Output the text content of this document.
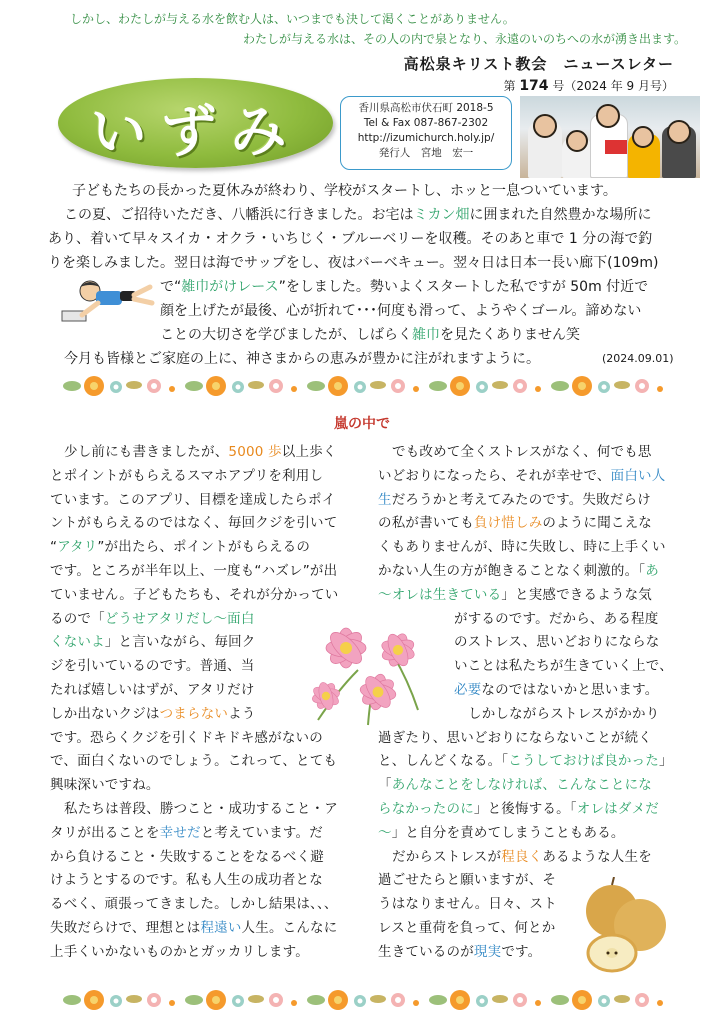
しかし、わたしが与える水を飲む人は、いつまでも決して渇くことがありません。
わたしが与える水は、その人の内で泉となり、永遠のいのちへの水が湧き出ます。
いずみ
高松泉キリスト教会　ニュースレター
第 174 号（2024 年 9 月号）
香川県高松市伏石町 2018-5
Tel & Fax 087-867-2302
http://izumichurch.holy.jp/
発行人　宮地　宏一
子どもたちの長かった夏休みが終わり、学校がスタートし、ホッと一息ついています。
この夏、ご招待いただき、八幡浜に行きました。お宅はミカン畑に囲まれた自然豊かな場所に
あり、着いて早々スイカ・オクラ・いちじく・ブルーベリーを収穫。そのあと車で 1 分の海で釣
りを楽しみました。翌日は海でサップをし、夜はバーベキュー。翌々日は日本一長い廊下(109m)
で“雑巾がけレース”をしました。勢いよくスタートした私ですが 50m 付近で
顔を上げたが最後、心が折れて･･･何度も滑って、ようやくゴール。諦めない
ことの大切さを学びましたが、しばらく雑巾を見たくありません笑
今月も皆様とご家庭の上に、神さまからの恵みが豊かに注がれますように。	(2024.09.01)
嵐の中で
少し前にも書きましたが、5000 歩以上歩く
とポイントがもらえるスマホアプリを利用し
ています。このアプリ、目標を達成したらポイ
ントがもらえるのではなく、毎回クジを引いて
“アタリ”が出たら、ポイントがもらえるの
です。ところが半年以上、一度も“ハズレ”が出
ていません。子どもたちも、それが分かってい
るので「どうせアタリだし～面白
くないよ」と言いながら、毎回ク
ジを引いているのです。普通、当
たれば嬉しいはずが、アタリだけ
しか出ないクジはつまらないよう
です。恐らくクジを引くドキドキ感がないの
で、面白くないのでしょう。これって、とても
興味深いですね。
私たちは普段、勝つこと・成功すること・ア
タリが出ることを幸せだと考えています。だ
から負けること・失敗することをなるべく避
けようとするのです。私も人生の成功者とな
るべく、頑張ってきました。しかし結果は、、、
失敗だらけで、理想とは程遠い人生。こんなに
上手くいかないものかとガッカリします。
でも改めて全くストレスがなく、何でも思
いどおりになったら、それが幸せで、面白い人
生だろうかと考えてみたのです。失敗だらけ
の私が書いても負け惜しみのように聞こえな
くもありませんが、時に失敗し、時に上手くい
かない人生の方が飽きることなく刺激的。「あ
～オレは生きている」と実感できるような気
がするのです。だから、ある程度
のストレス、思いどおりにならな
いことは私たちが生きていく上で、
必要なのではないかと思います。
しかしながらストレスがかかり
過ぎたり、思いどおりにならないことが続く
と、しんどくなる。「こうしておけば良かった」
「あんなことをしなければ、こんなことにな
らなかったのに」と後悔する。「オレはダメだ
～」と自分を責めてしまうこともある。
だからストレスが程良くあるような人生を
過ごせたらと願いますが、そ
うはなりません。日々、スト
レスと重荷を負って、何とか
生きているのが現実です。
